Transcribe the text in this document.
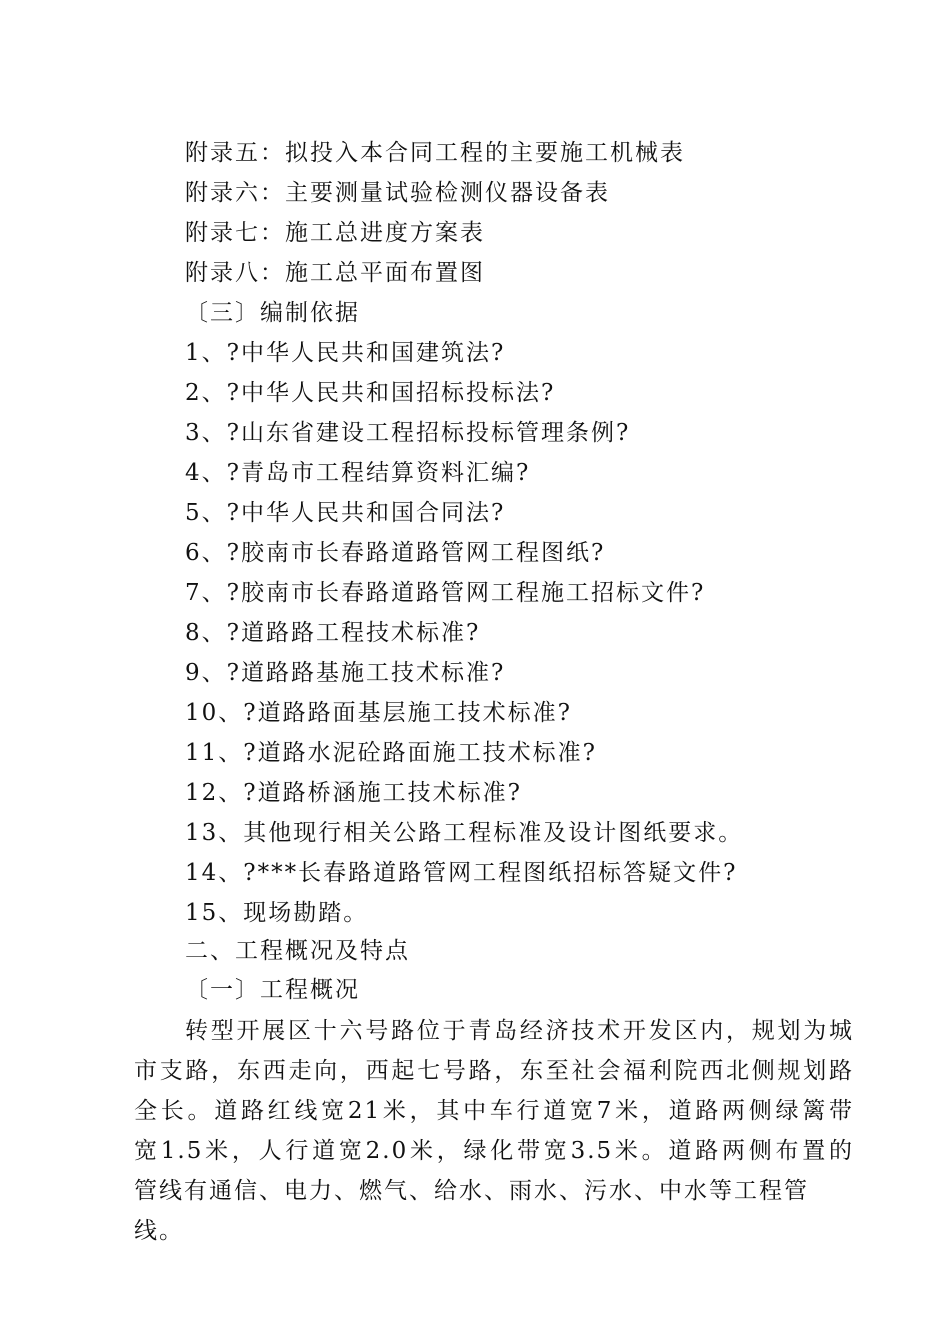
附录五：拟投入本合同工程的主要施工机械表
附录六：主要测量试验检测仪器设备表
附录七：施工总进度方案表
附录八：施工总平面布置图
〔三〕编制依据
1、?中华人民共和国建筑法?
2、?中华人民共和国招标投标法?
3、?山东省建设工程招标投标管理条例?
4、?青岛市工程结算资料汇编?
5、?中华人民共和国合同法?
6、?胶南市长春路道路管网工程图纸?
7、?胶南市长春路道路管网工程施工招标文件?
8、?道路路工程技术标准?
9、?道路路基施工技术标准?
10、?道路路面基层施工技术标准?
11、?道路水泥砼路面施工技术标准?
12、?道路桥涵施工技术标准?
13、其他现行相关公路工程标准及设计图纸要求。
14、?***长春路道路管网工程图纸招标答疑文件?
15、现场勘踏。
二、工程概况及特点
〔一〕工程概况
转型开展区十六号路位于青岛经济技术开发区内，规划为城
市支路，东西走向，西起七号路，东至社会福利院西北侧规划路
全长。道路红线宽21米，其中车行道宽7米，道路两侧绿篱带
宽1.5米，人行道宽2.0米，绿化带宽3.5米。道路两侧布置的
管线有通信、电力、燃气、给水、雨水、污水、中水等工程管线。
